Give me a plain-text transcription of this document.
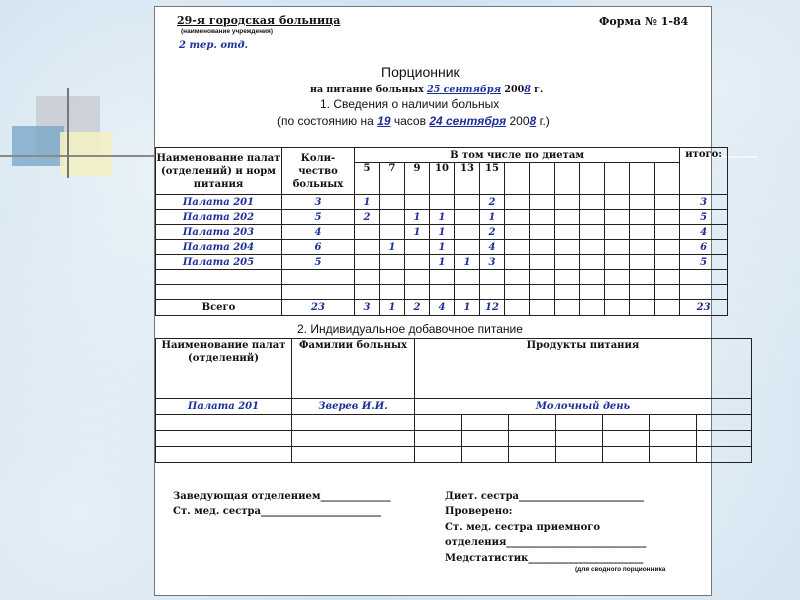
29-я городская больница
(наименование учреждения)
2 тер. отд.
Форма № 1-84
Порционник
на питание больных 25 сентября 2008 г.
1. Сведения о наличии больных
(по состоянию на 19 часов 24 сентября 2008 г.)
Наименование палат (отделений) и норм питания	Коли-чество больных	В том числе по диетам													итого:
		5	7	9	10	13	15								
Палата 201	3	1					2								3
Палата 202	5	2		1	1		1								5
Палата 203	4			1	1		2								4
Палата 204	6		1		1		4								6
Палата 205	5				1	1	3								5

Всего	23	3	1	2	4	1	12								23
2. Индивидуальное добавочное питание
Наименование палат (отделений)	Фамилии больных	Продукты питания						
Палата 201	Зверев И.И.	Молочный день						

Заведующая отделением______________
Ст. мед. сестра________________________
Диет. сестра_________________________
Проверено:
Ст. мед. сестра приемного
отделения____________________________
Медстатистик_______________________
(для сводного порционника
